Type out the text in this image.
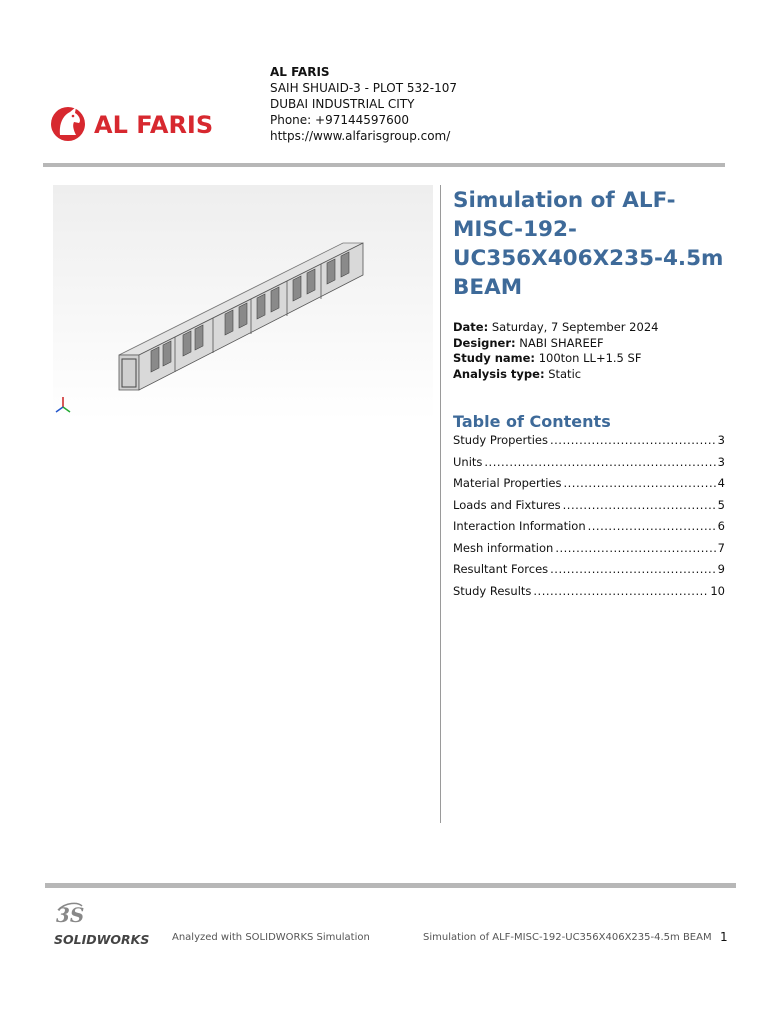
AL FARIS
AL FARIS
SAIH SHUAID-3 - PLOT 532-107
DUBAI INDUSTRIAL CITY
Phone: +97144597600
https://www.alfarisgroup.com/
Simulation of ALF-MISC-192-UC356X406X235-4.5m BEAM
Date: Saturday, 7 September 2024
Designer: NABI SHAREEF
Study name: 100ton LL+1.5 SF
Analysis type: Static
Table of Contents
Study Properties .....	3
Units .....	3
Material Properties .....	4
Loads and Fixtures .....	5
Interaction Information .....	6
Mesh information .....	7
Resultant Forces .....	9
Study Results .....	10
3S
SOLIDWORKS Analyzed with SOLIDWORKS Simulation	Simulation of ALF-MISC-192-UC356X406X235-4.5m BEAM 1
